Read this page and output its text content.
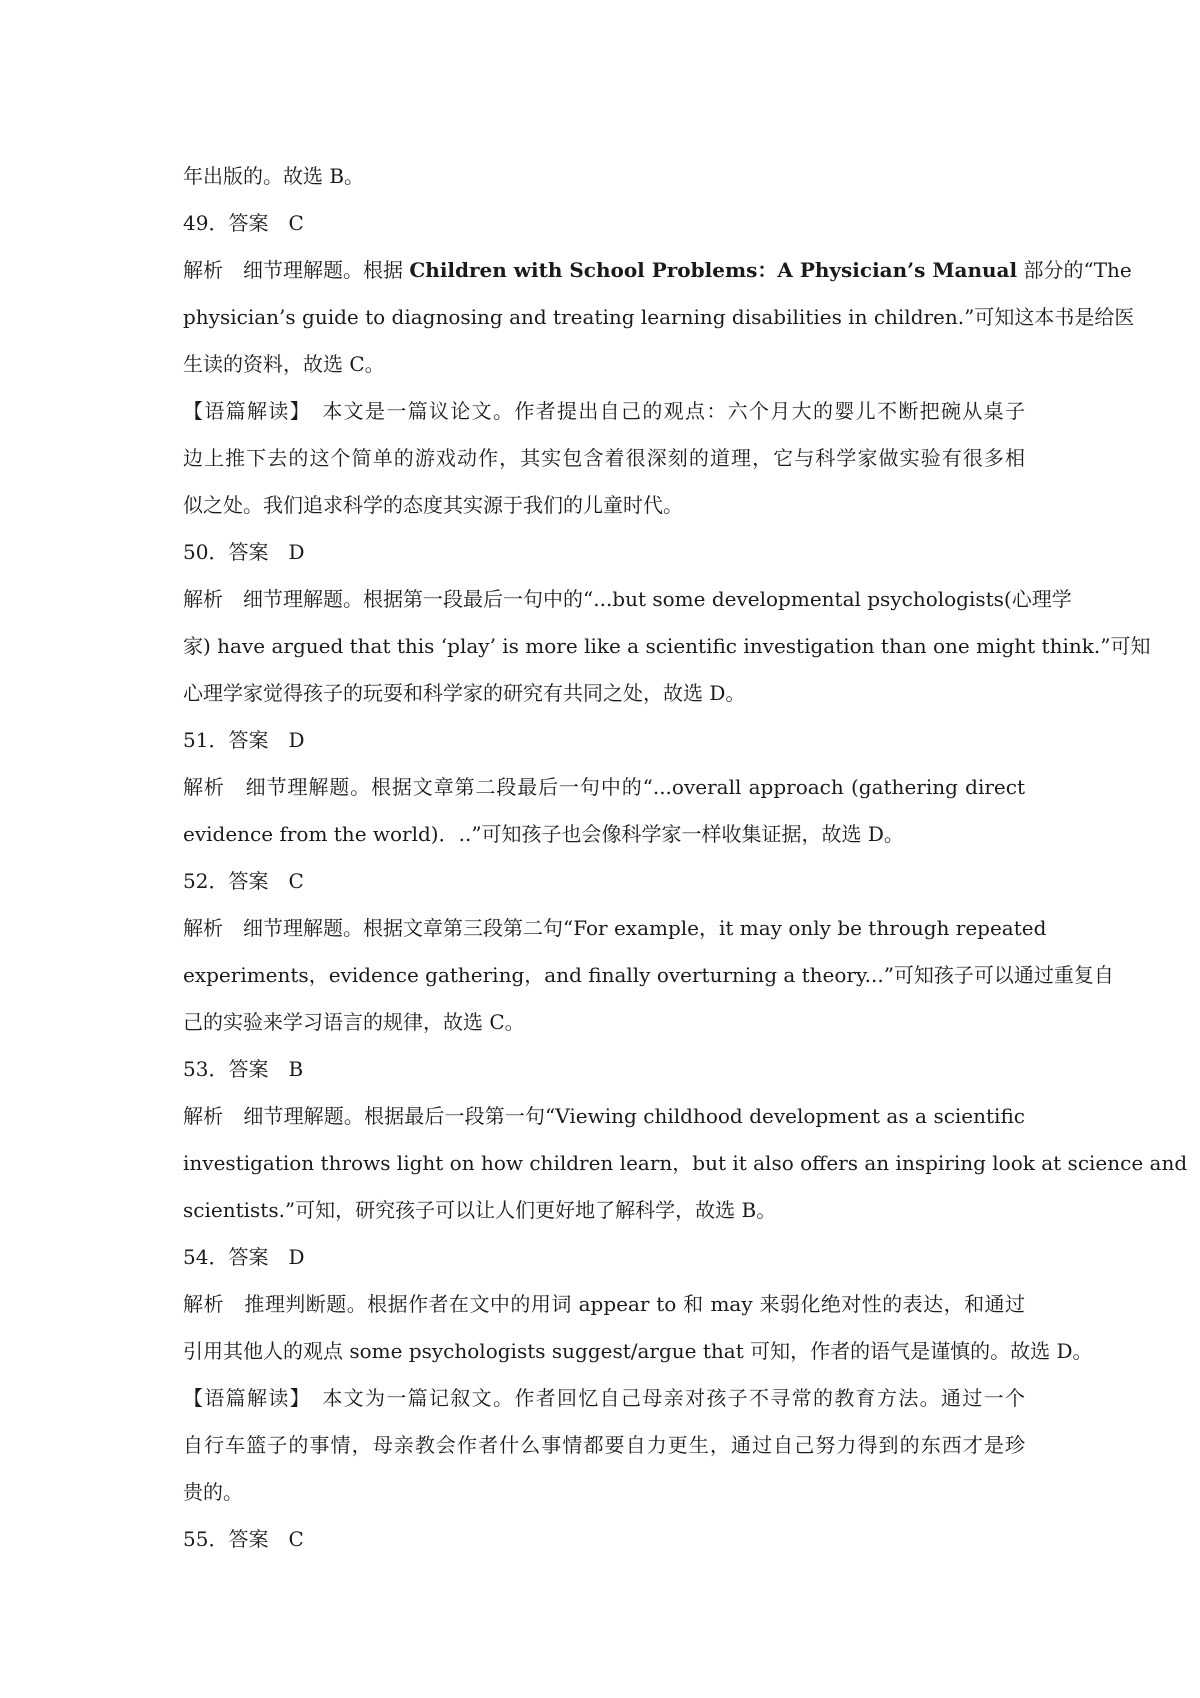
年出版的。故选 B。
49．答案　C
解析　细节理解题。根据 Children with School Problems：A Physician’s Manual 部分的“The
physician’s guide to diagnosing and treating learning disabilities in children.”可知这本书是给医
生读的资料，故选 C。
【语篇解读】　本文是一篇议论文。作者提出自己的观点：六个月大的婴儿不断把碗从桌子
边上推下去的这个简单的游戏动作，其实包含着很深刻的道理，它与科学家做实验有很多相
似之处。我们追求科学的态度其实源于我们的儿童时代。
50．答案　D
解析　细节理解题。根据第一段最后一句中的“...but some developmental psychologists(心理学
家) have argued that this ‘play’ is more like a scientific investigation than one might think.”可知
心理学家觉得孩子的玩耍和科学家的研究有共同之处，故选 D。
51．答案　D
解析　细节理解题。根据文章第二段最后一句中的“...overall approach (gathering direct
evidence from the world)．..”可知孩子也会像科学家一样收集证据，故选 D。
52．答案　C
解析　细节理解题。根据文章第三段第二句“For example，it may only be through repeated
experiments，evidence gathering，and finally overturning a theory...”可知孩子可以通过重复自
己的实验来学习语言的规律，故选 C。
53．答案　B
解析　细节理解题。根据最后一段第一句“Viewing childhood development as a scientific
investigation throws light on how children learn，but it also offers an inspiring look at science and
scientists.”可知，研究孩子可以让人们更好地了解科学，故选 B。
54．答案　D
解析　推理判断题。根据作者在文中的用词 appear to 和 may 来弱化绝对性的表达，和通过
引用其他人的观点 some psychologists suggest/argue that 可知，作者的语气是谨慎的。故选 D。
【语篇解读】　本文为一篇记叙文。作者回忆自己母亲对孩子不寻常的教育方法。通过一个
自行车篮子的事情，母亲教会作者什么事情都要自力更生，通过自己努力得到的东西才是珍
贵的。
55．答案　C
